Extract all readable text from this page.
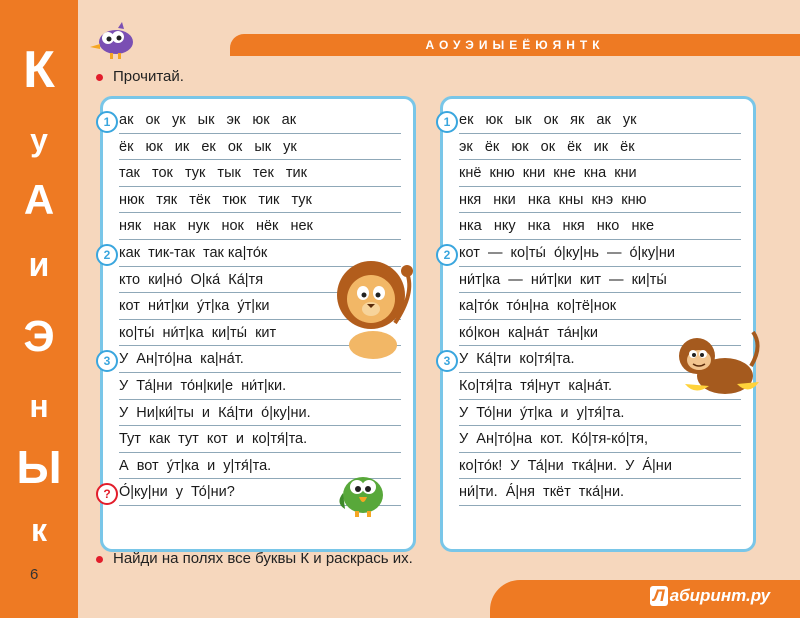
К
у
А
и
Э
н
Ы
к
6
АОУЭИЫЕЁЮЯНТК
Прочитай.
1 ак   ок   ук   ык   эк   юк   ак
ёк   юк   ик   ек   ок   ык   ук
так   ток   тук   тык   тек   тик
нюк   тяк   тёк   тюк   тик   тук
няк   нак   нук   нок   нёк   нек
2 как  тик-так  так ка|то́к
кто  ки|но́  О|ка́  Ка́|тя
кот  ни́т|ки  у́т|ка  у́т|ки
ко|ты́  ни́т|ка  ки|ты́  кит
3 У  Ан|то́|на  ка|на́т.
У  Та́|ни  то́н|ки|е  ни́т|ки.
У  Ни|ки́|ты  и  Ка́|ти  о́|ку|ни.
Тут  как  тут  кот  и  ко|тя́|та.
А  вот  у́т|ка  и  у|тя́|та.
? О́|ку|ни  у  То́|ни?
1 ек   юк   ык   ок   як   ак   ук
эк   ёк   юк   ок   ёк   ик   ёк
кнё  кню  кни  кне  кна  кни
нкя   нки   нка  кны  кнэ  кню
нка   нку   нка   нкя   нко   нке
2 кот  —  ко|ты́  о́|ку|нь  —  о́|ку|ни
ни́т|ка  —  ни́т|ки  кит  —  ки|ты́
ка|то́к  то́н|на  ко|тё|нок
ко́|кон  ка|на́т  та́н|ки
3 У  Ка́|ти  ко|тя́|та.
Ко|тя́|та  тя́|нут  ка|на́т.
У  То́|ни  у́т|ка  и  у|тя́|та.
У  Ан|то́|на  кот.  Ко́|тя-ко́|тя,
ко|то́к!  У  Та́|ни  тка́|ни.  У  А́|ни
ни́|ти.  А́|ня  ткёт  тка́|ни.
Найди на полях все буквы К и раскрась их.
Л абиринт.ру
